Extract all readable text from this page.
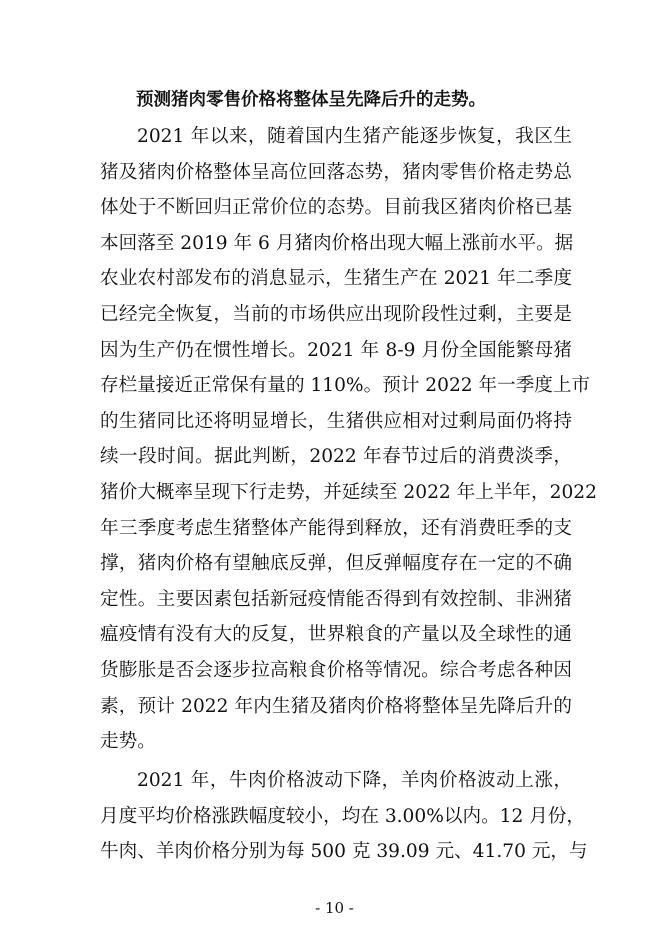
预测猪肉零售价格将整体呈先降后升的走势。
2021 年以来，随着国内生猪产能逐步恢复，我区生
猪及猪肉价格整体呈高位回落态势，猪肉零售价格走势总
体处于不断回归正常价位的态势。目前我区猪肉价格已基
本回落至 2019 年 6 月猪肉价格出现大幅上涨前水平。据
农业农村部发布的消息显示，生猪生产在 2021 年二季度
已经完全恢复，当前的市场供应出现阶段性过剩，主要是
因为生产仍在惯性增长。2021 年 8-9 月份全国能繁母猪
存栏量接近正常保有量的 110%。预计 2022 年一季度上市
的生猪同比还将明显增长，生猪供应相对过剩局面仍将持
续一段时间。据此判断，2022 年春节过后的消费淡季，
猪价大概率呈现下行走势，并延续至 2022 年上半年，2022
年三季度考虑生猪整体产能得到释放，还有消费旺季的支
撑，猪肉价格有望触底反弹，但反弹幅度存在一定的不确
定性。主要因素包括新冠疫情能否得到有效控制、非洲猪
瘟疫情有没有大的反复，世界粮食的产量以及全球性的通
货膨胀是否会逐步拉高粮食价格等情况。综合考虑各种因
素，预计 2022 年内生猪及猪肉价格将整体呈先降后升的
走势。
2021 年，牛肉价格波动下降，羊肉价格波动上涨，
月度平均价格涨跌幅度较小，均在 3.00%以内。12 月份，
牛肉、羊肉价格分别为每 500 克 39.09 元、41.70 元，与
- 10 -
